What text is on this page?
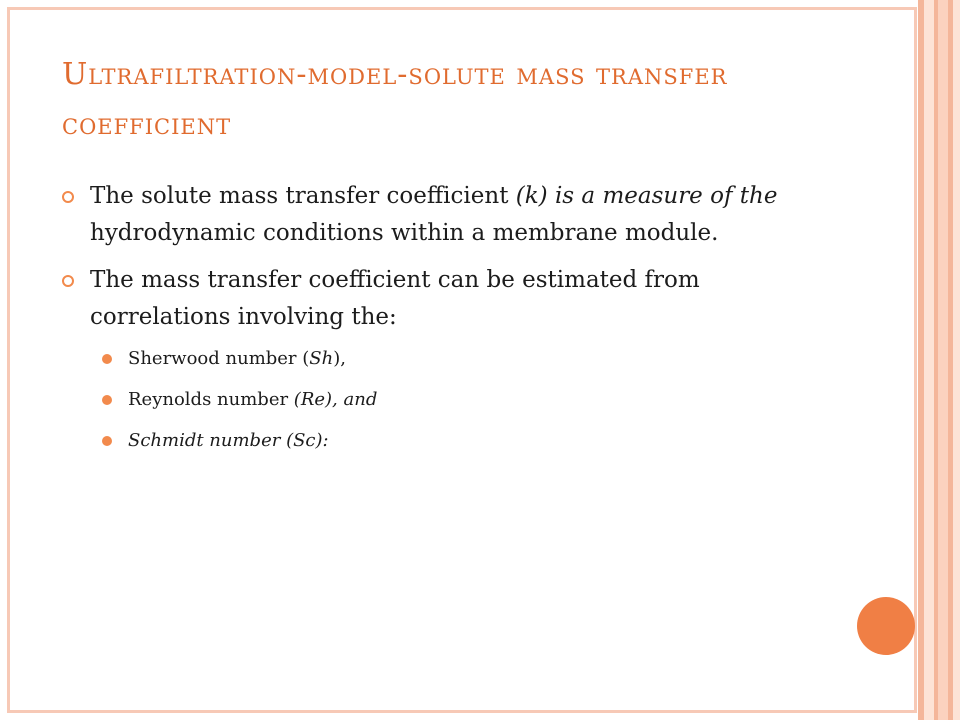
Ultrafiltration-model-solute mass transfer coefficient
The solute mass transfer coefficient (k) is a measure of the hydrodynamic conditions within a membrane module.
The mass transfer coefficient can be estimated from correlations involving the:
Sherwood number (Sh),
Reynolds number (Re), and
Schmidt number (Sc):
